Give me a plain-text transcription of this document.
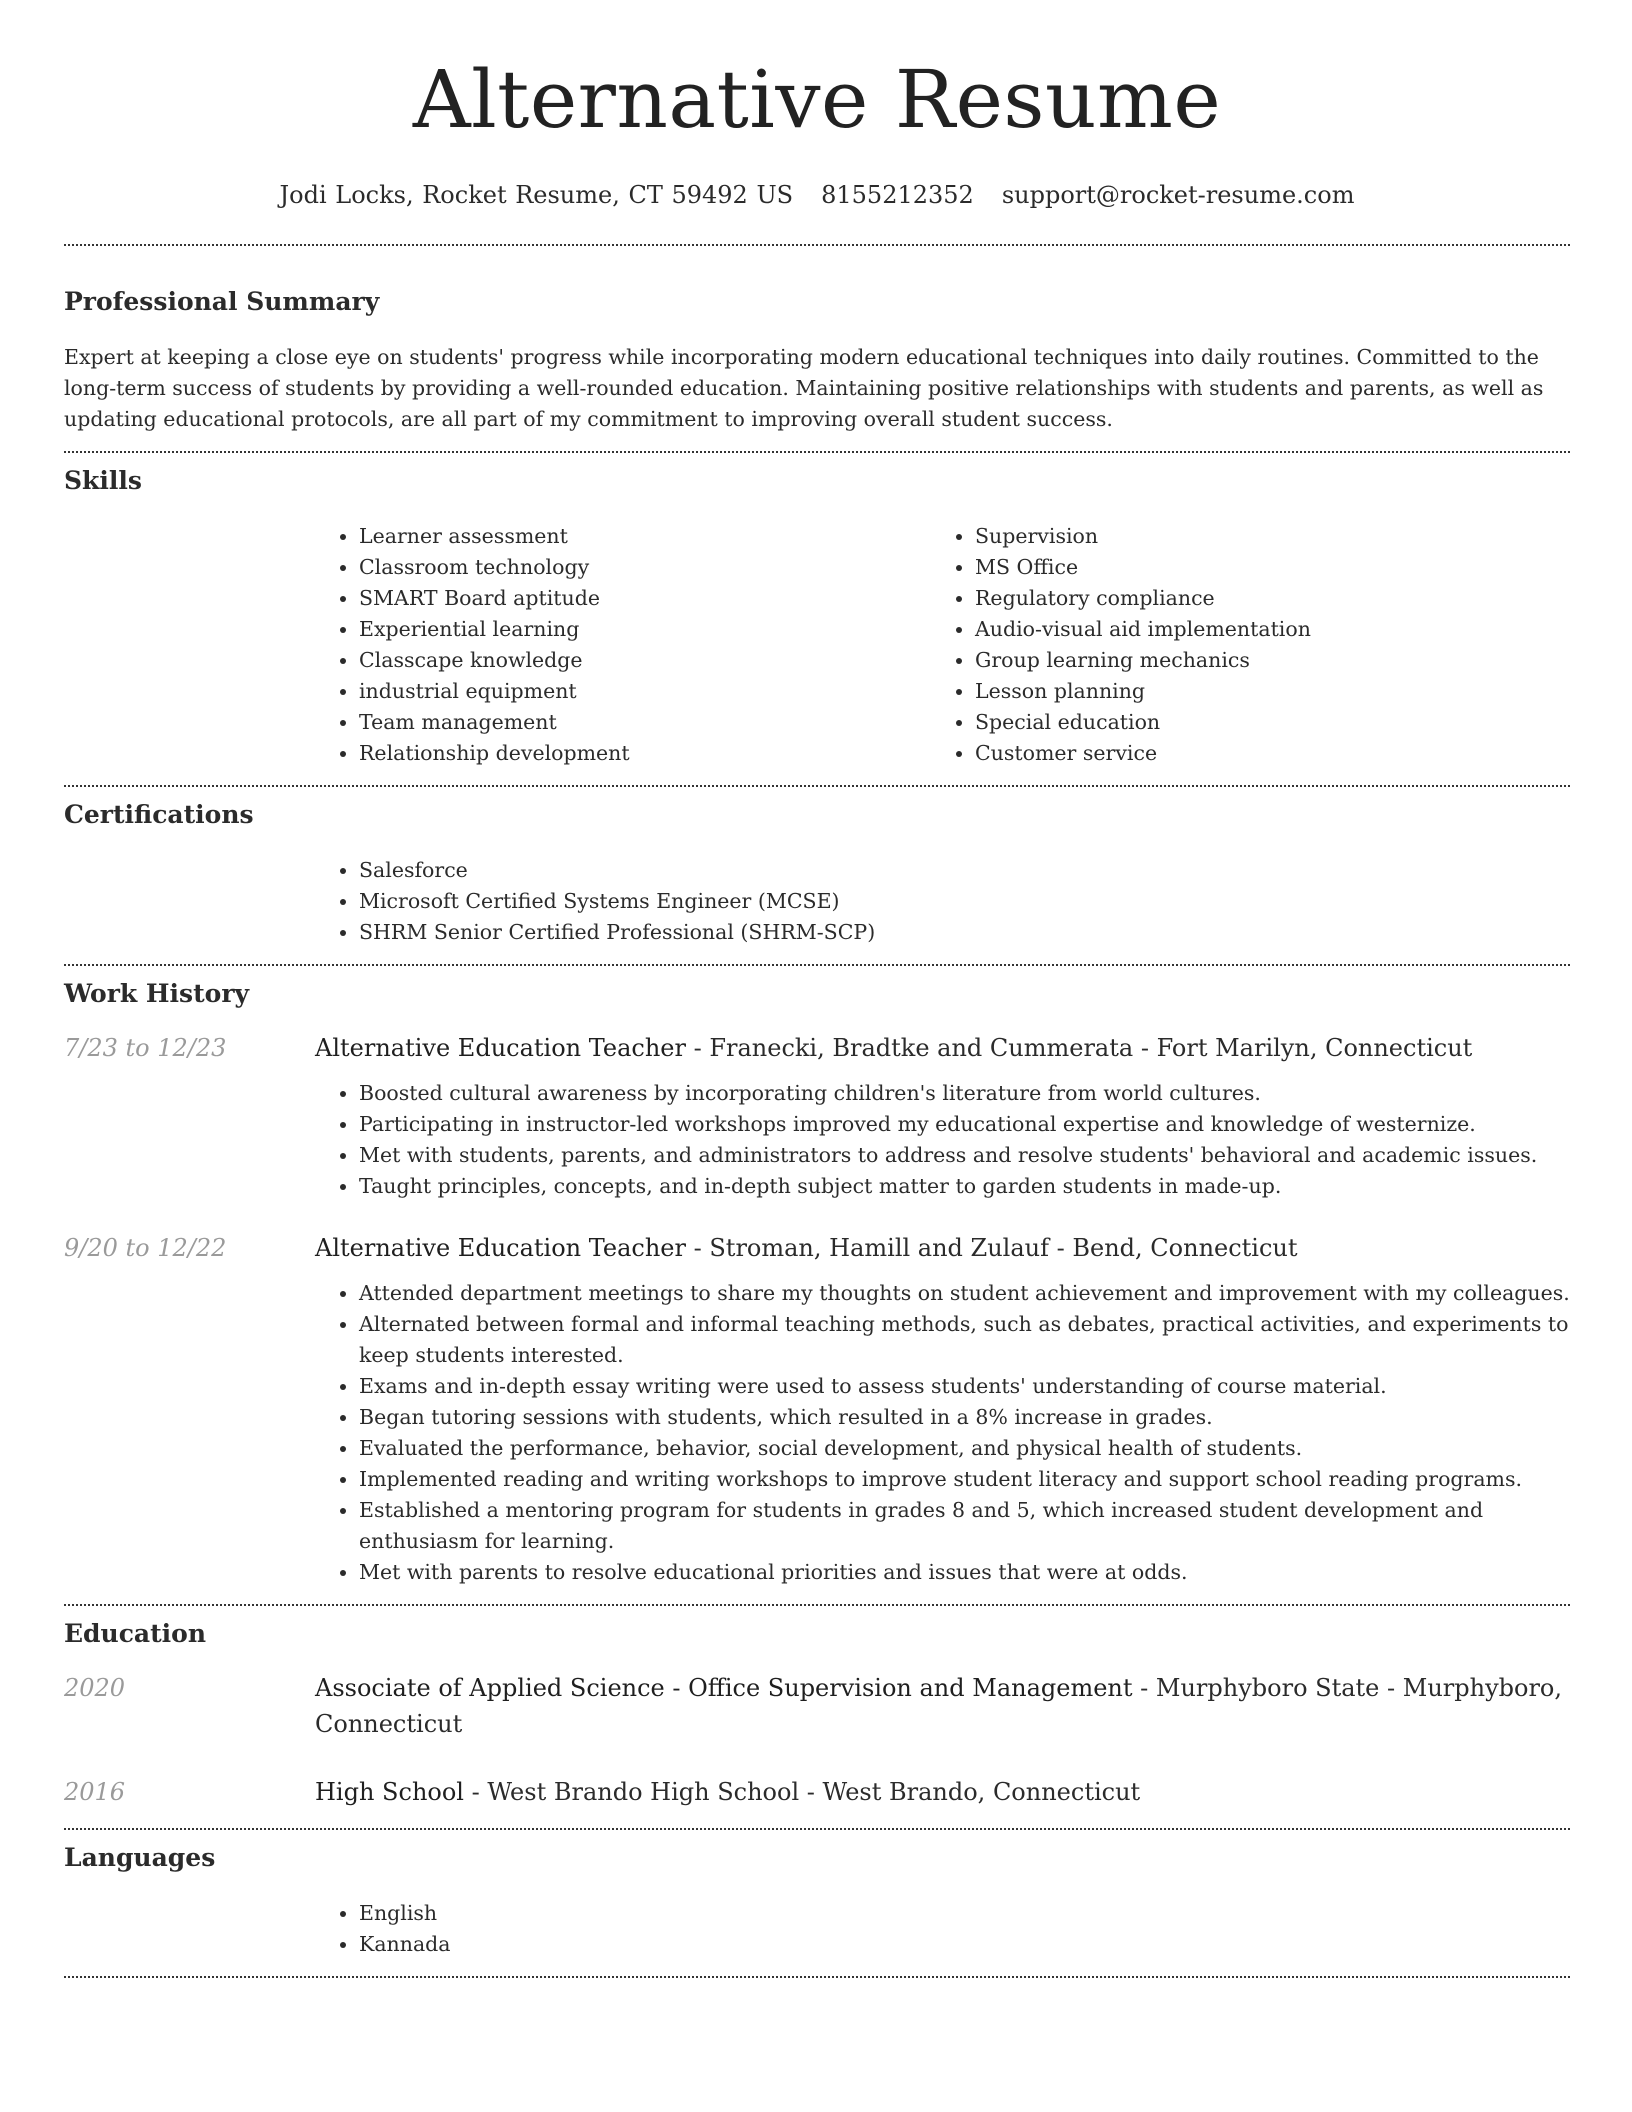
Alternative Resume
Jodi Locks, Rocket Resume, CT 59492 US 8155212352 support@rocket-resume.com
Professional Summary

Expert at keeping a close eye on students' progress while incorporating modern educational techniques into daily routines. Committed to the long-term success of students by providing a well-rounded education. Maintaining positive relationships with students and parents, as well as updating educational protocols, are all part of my commitment to improving overall student success.

Skills
• Learner assessment
• Classroom technology
• SMART Board aptitude
• Experiential learning
• Classcape knowledge
• industrial equipment
• Team management
• Relationship development
• Supervision
• MS Office
• Regulatory compliance
• Audio-visual aid implementation
• Group learning mechanics
• Lesson planning
• Special education
• Customer service
Certifications
• Salesforce
• Microsoft Certified Systems Engineer (MCSE)
• SHRM Senior Certified Professional (SHRM-SCP)
Work History
7/23 to 12/23	Alternative Education Teacher - Franecki, Bradtke and Cummerata - Fort Marilyn, Connecticut
• Boosted cultural awareness by incorporating children's literature from world cultures.
• Participating in instructor-led workshops improved my educational expertise and knowledge of westernize.
• Met with students, parents, and administrators to address and resolve students' behavioral and academic issues.
• Taught principles, concepts, and in-depth subject matter to garden students in made-up.
9/20 to 12/22	Alternative Education Teacher - Stroman, Hamill and Zulauf - Bend, Connecticut
• Attended department meetings to share my thoughts on student achievement and improvement with my colleagues.
• Alternated between formal and informal teaching methods, such as debates, practical activities, and experiments to keep students interested.
• Exams and in-depth essay writing were used to assess students' understanding of course material.
• Began tutoring sessions with students, which resulted in a 8% increase in grades.
• Evaluated the performance, behavior, social development, and physical health of students.
• Implemented reading and writing workshops to improve student literacy and support school reading programs.
• Established a mentoring program for students in grades 8 and 5, which increased student development and enthusiasm for learning.
• Met with parents to resolve educational priorities and issues that were at odds.
Education
2020	Associate of Applied Science - Office Supervision and Management - Murphyboro State - Murphyboro, Connecticut
2016	High School - West Brando High School - West Brando, Connecticut
Languages
• English
• Kannada
